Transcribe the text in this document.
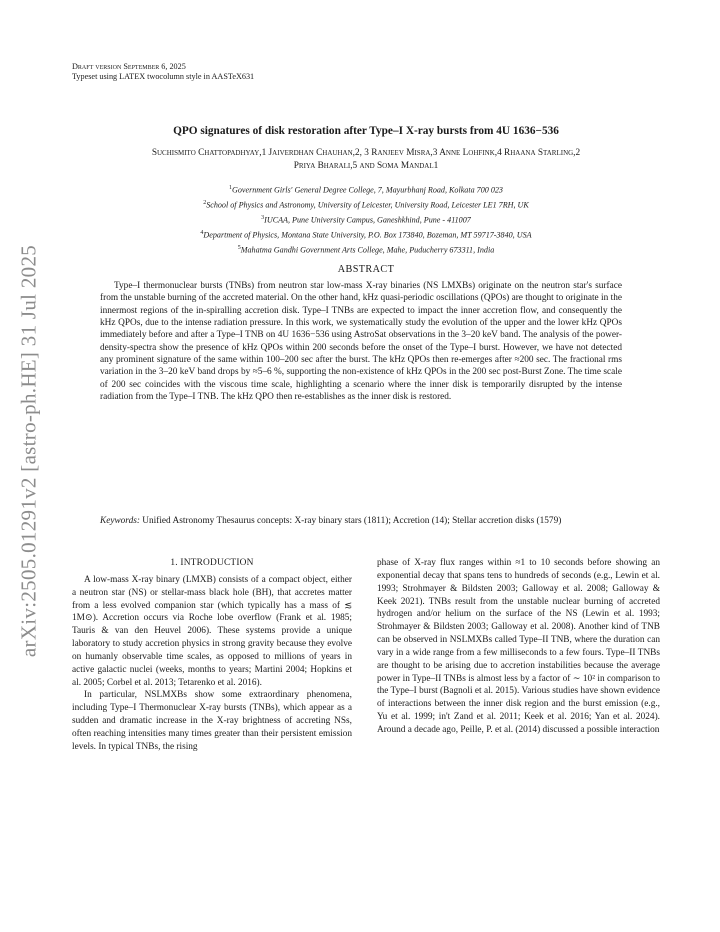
arXiv:2505.01291v2 [astro-ph.HE] 31 Jul 2025
Draft version September 6, 2025
Typeset using LATEX twocolumn style in AASTeX631
QPO signatures of disk restoration after Type–I X-ray bursts from 4U 1636−536
Suchismito Chattopadhyay,1 Jaiverdhan Chauhan,2, 3 Ranjeev Misra,3 Anne Lohfink,4 Rhaana Starling,2
Priya Bharali,5 and Soma Mandal1
$^1$Government Girls' General Degree College, 7, Mayurbhanj Road, Kolkata 700 023
$^2$School of Physics and Astronomy, University of Leicester, University Road, Leicester LE1 7RH, UK
$^3$IUCAA, Pune University Campus, Ganeshkhind, Pune - 411007
$^4$Department of Physics, Montana State University, P.O. Box 173840, Bozeman, MT 59717-3840, USA
$^5$Mahatma Gandhi Government Arts College, Mahe, Puducherry 673311, India
ABSTRACT
Type–I thermonuclear bursts (TNBs) from neutron star low-mass X-ray binaries (NS LMXBs) originate on the neutron star's surface from the unstable burning of the accreted material. On the other hand, kHz quasi-periodic oscillations (QPOs) are thought to originate in the innermost regions of the in-spiralling accretion disk. Type–I TNBs are expected to impact the inner accretion flow, and consequently the kHz QPOs, due to the intense radiation pressure. In this work, we systematically study the evolution of the upper and the lower kHz QPOs immediately before and after a Type–I TNB on 4U 1636−536 using AstroSat observations in the 3–20 keV band. The analysis of the power-density-spectra show the presence of kHz QPOs within 200 seconds before the onset of the Type–I burst. However, we have not detected any prominent signature of the same within 100–200 sec after the burst. The kHz QPOs then re-emerges after ≈200 sec. The fractional rms variation in the 3–20 keV band drops by ≈5–6 %, supporting the non-existence of kHz QPOs in the 200 sec post-Burst Zone. The time scale of 200 sec coincides with the viscous time scale, highlighting a scenario where the inner disk is temporarily disrupted by the intense radiation from the Type–I TNB. The kHz QPO then re-establishes as the inner disk is restored.
Keywords: Unified Astronomy Thesaurus concepts: X-ray binary stars (1811); Accretion (14); Stellar accretion disks (1579)
1. INTRODUCTION

A low-mass X-ray binary (LMXB) consists of a compact object, either a neutron star (NS) or stellar-mass black hole (BH), that accretes matter from a less evolved companion star (which typically has a mass of ≲ 1M⊙). Accretion occurs via Roche lobe overflow (Frank et al. 1985; Tauris & van den Heuvel 2006). These systems provide a unique laboratory to study accretion physics in strong gravity because they evolve on humanly observable time scales, as opposed to millions of years in active galactic nuclei (weeks, months to years; Martini 2004; Hopkins et al. 2005; Corbel et al. 2013; Tetarenko et al. 2016).

In particular, NSLMXBs show some extraordinary phenomena, including Type–I Thermonuclear X-ray bursts (TNBs), which appear as a sudden and dramatic increase in the X-ray brightness of accreting NSs, often reaching intensities many times greater than their persistent emission levels. In typical TNBs, the rising

phase of X-ray flux ranges within ≈1 to 10 seconds before showing an exponential decay that spans tens to hundreds of seconds (e.g., Lewin et al. 1993; Strohmayer & Bildsten 2003; Galloway et al. 2008; Galloway & Keek 2021). TNBs result from the unstable nuclear burning of accreted hydrogen and/or helium on the surface of the NS (Lewin et al. 1993; Strohmayer & Bildsten 2003; Galloway et al. 2008). Another kind of TNB can be observed in NSLMXBs called Type–II TNB, where the duration can vary in a wide range from a few milliseconds to a few fours. Type–II TNBs are thought to be arising due to accretion instabilities because the average power in Type–II TNBs is almost less by a factor of ∼ 10² in comparison to the Type–I burst (Bagnoli et al. 2015). Various studies have shown evidence of interactions between the inner disk region and the burst emission (e.g., Yu et al. 1999; in't Zand et al. 2011; Keek et al. 2016; Yan et al. 2024). Around a decade ago, Peille, P. et al. (2014) discussed a possible interaction
